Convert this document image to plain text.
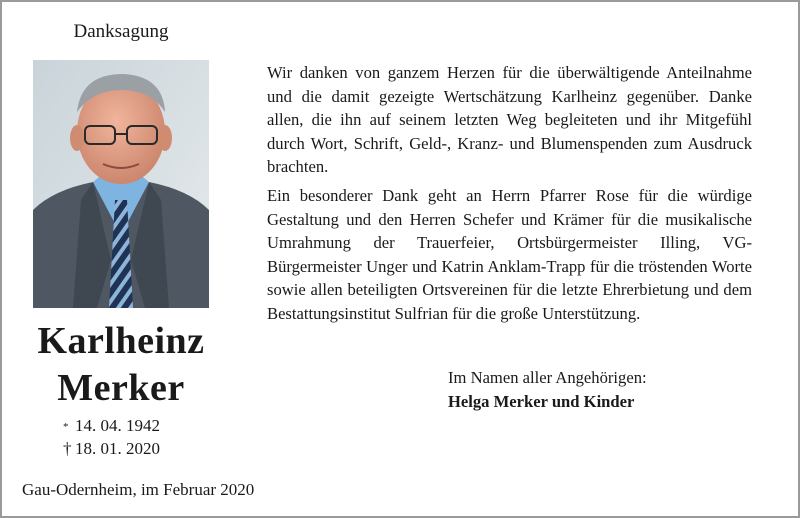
Danksagung
Karlheinz
Merker
* 14. 04. 1942
† 18. 01. 2020

Wir danken von ganzem Herzen für die überwältigende Anteilnahme und die damit gezeigte Wertschätzung Karlheinz gegenüber. Danke allen, die ihn auf seinem letzten Weg begleiteten und ihr Mitgefühl durch Wort, Schrift, Geld-, Kranz- und Blumenspenden zum Ausdruck brachten.

Ein besonderer Dank geht an Herrn Pfarrer Rose für die würdige Gestaltung und den Herren Schefer und Krämer für die musikalische Umrahmung der Trauerfeier, Ortsbürgermeister Illing, VG-Bürgermeister Unger und Katrin Anklam-Trapp für die tröstenden Worte sowie allen beteiligten Ortsvereinen für die letzte Ehrerbietung und dem Bestattungsinstitut Sulfrian für die große Unterstützung.

Im Namen aller Angehörigen:
Helga Merker und Kinder
Gau-Odernheim, im Februar 2020
